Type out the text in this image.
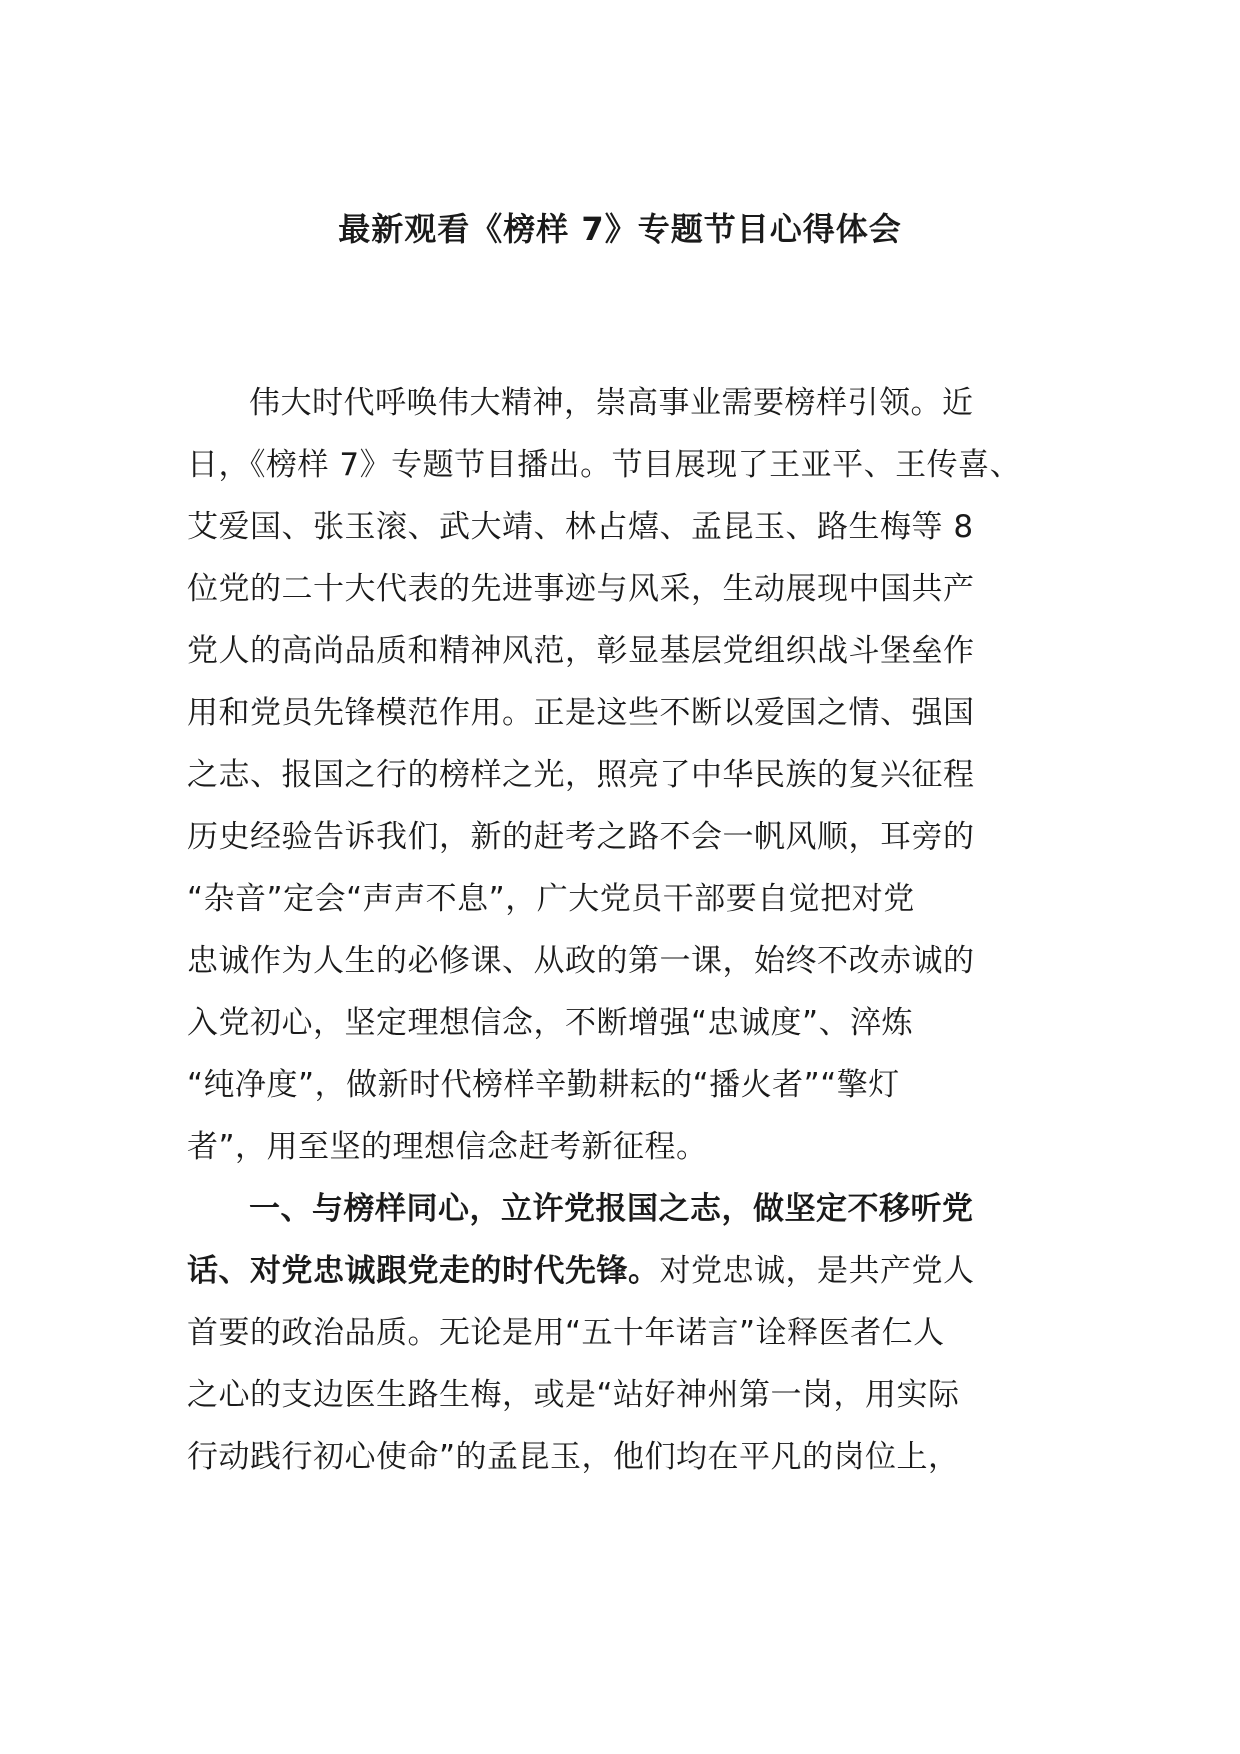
最新观看《榜样 7》专题节目心得体会
伟大时代呼唤伟大精神，崇高事业需要榜样引领。近
日，《榜样 7》专题节目播出。节目展现了王亚平、王传喜、
艾爱国、张玉滚、武大靖、林占熺、孟昆玉、路生梅等 8
位党的二十大代表的先进事迹与风采，生动展现中国共产
党人的高尚品质和精神风范，彰显基层党组织战斗堡垒作
用和党员先锋模范作用。正是这些不断以爱国之情、强国
之志、报国之行的榜样之光，照亮了中华民族的复兴征程
历史经验告诉我们，新的赶考之路不会一帆风顺，耳旁的
“杂音”定会“声声不息”，广大党员干部要自觉把对党
忠诚作为人生的必修课、从政的第一课，始终不改赤诚的
入党初心，坚定理想信念，不断增强“忠诚度”、淬炼
“纯净度”，做新时代榜样辛勤耕耘的“播火者”“擎灯
者”，用至坚的理想信念赶考新征程。
一、与榜样同心，立许党报国之志，做坚定不移听党
话、对党忠诚跟党走的时代先锋。对党忠诚，是共产党人
首要的政治品质。无论是用“五十年诺言”诠释医者仁人
之心的支边医生路生梅，或是“站好神州第一岗，用实际
行动践行初心使命”的孟昆玉，他们均在平凡的岗位上，
